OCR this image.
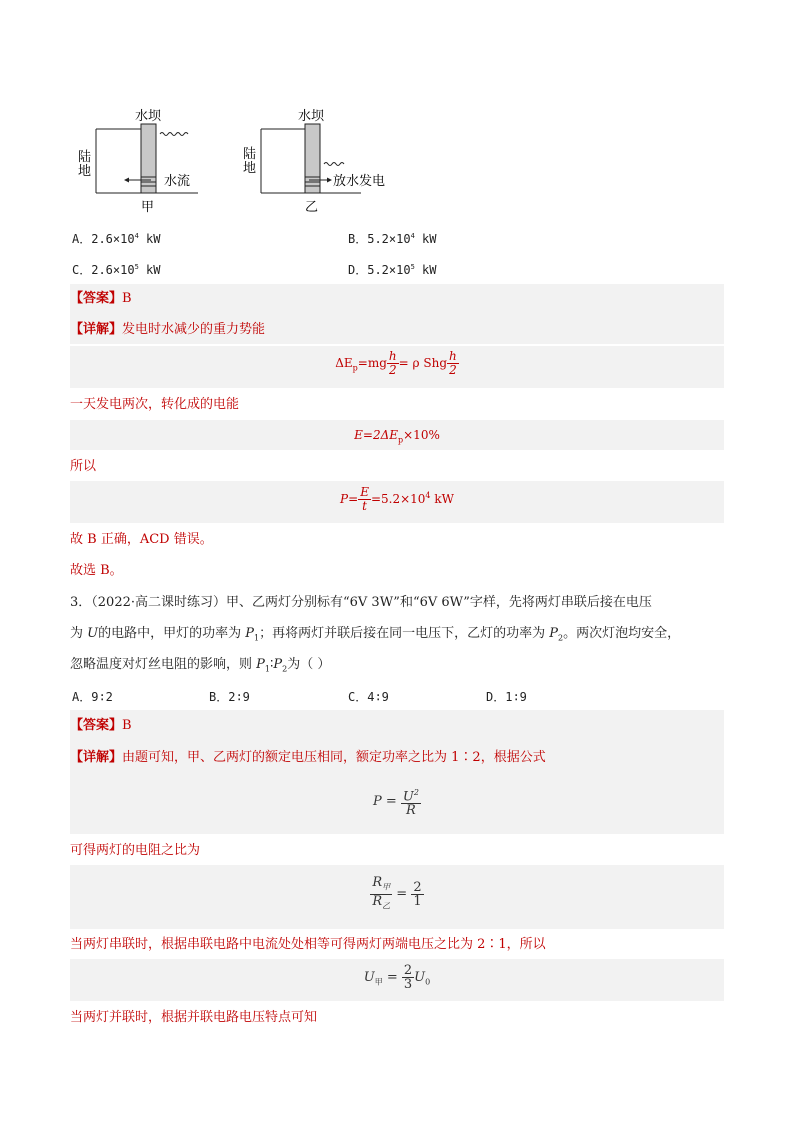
水坝
陆
地
水流
甲
水坝
陆
地
放水发电
乙
A．$2.6\times 10^4$ kW	B．$5.2\times 10^4$ kW
C．$2.6\times 10^5$ kW	D．$5.2\times 10^5$ kW
【答案】B
【详解】发电时水减少的重力势能
$\Delta E_p=mg \frac{h}{2} = \rho$ Shg $\frac{h}{2}$
一天发电两次，转化成的电能
$E=2\Delta E_p\times 10\%$
所以
$P= \frac{E}{t} =5.2\times 10^4$ kW
故 B 正确，ACD 错误。
故选 B。
3．（2022·高二课时练习）甲、乙两灯分别标有“6V 3W”和“6V 6W”字样，先将两灯串联后接在电压
为 U的电路中，甲灯的功率为 $P_1$；再将两灯并联后接在同一电压下，乙灯的功率为 $P_2$。两次灯泡均安全，
忽略温度对灯丝电阻的影响，则 $P_1∶P_2$为（ ）
A．9∶2	B．2∶9	C．4∶9	D．1∶9
【答案】B
【详解】由题可知，甲、乙两灯的额定电压相同，额定功率之比为 1∶2，根据公式
$P = \frac{U^2}{R}$
可得两灯的电阻之比为
$\frac{R_甲}{R_乙} = \frac{2}{1}$
当两灯串联时，根据串联电路中电流处处相等可得两灯两端电压之比为 2∶1，所以
$U_甲 = \frac{2}{3} U_0$
当两灯并联时，根据并联电路电压特点可知
